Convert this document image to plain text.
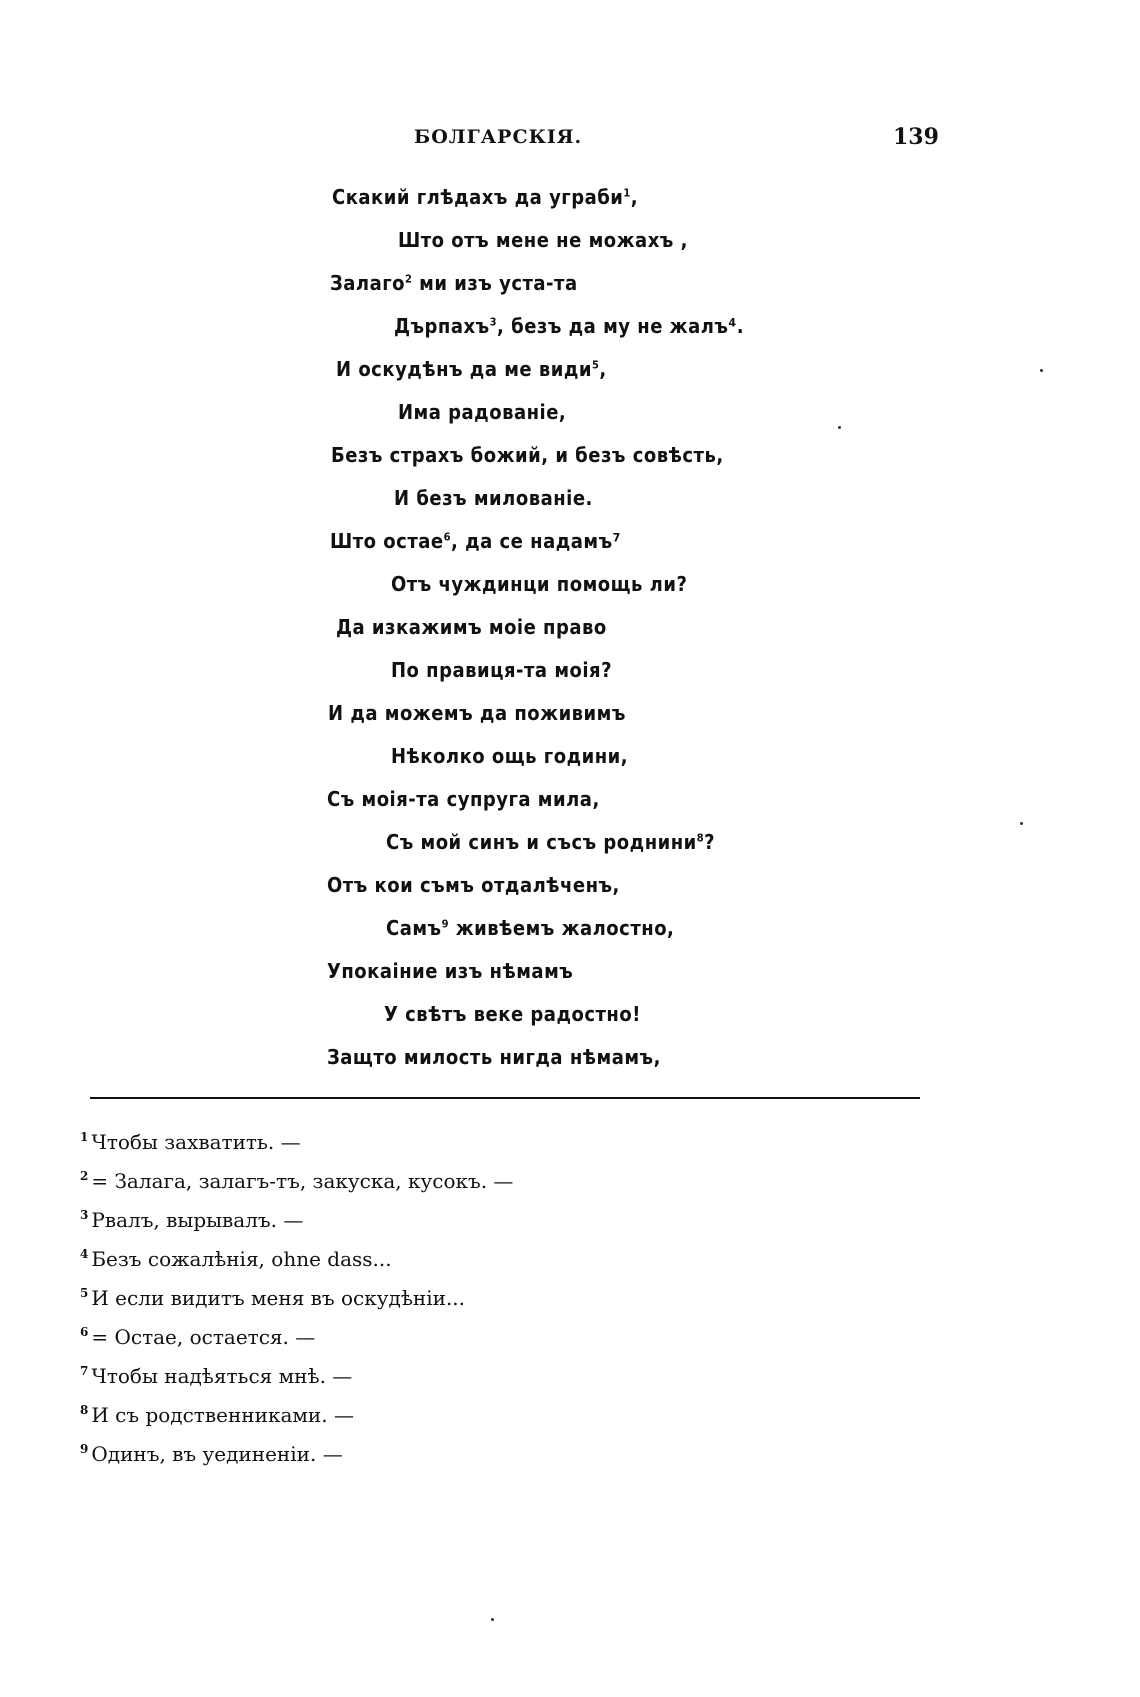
БОЛГАРСКІЯ.	139
Скакий глѣдахъ да уграби$^1$,
Што отъ мене не можахъ ,
Залаго$^2$ ми изъ уста-та
Дърпахъ$^3$, безъ да му не жалъ⁴.
И оскудѣнъ да ме види$^5$,
Има радованіе,
Безъ страхъ божий, и безъ совѣсть,
И безъ милованіе.
Што остае$^6$, да се надамъ⁷
Отъ чуждинци помощь ли?
Да изкажимъ моіе право
По правиця-та моія?
И да можемъ да поживимъ
Нѣколко ощь години,
Съ моія-та супруга мила,
Съ мой синъ и съсъ роднини$^8$?
Отъ кои съмъ отдалѣченъ,
Самъ$^9$ живѣемъ жалостно,
Упокаіние изъ нѣмамъ
У свѣтъ веке радостно!
Защто милость нигда нѣмамъ,
$^1$ Чтобы захватить. —
$^2$ = Залага, залагъ-тъ, закуска, кусокъ. —
$^3$ Рвалъ, вырывалъ. —
$^4$ Безъ сожалѣнія, ohne dass...
$^5$ И если видитъ меня въ оскудѣніи...
$^6$ = Остае, остается. —
$^7$ Чтобы надѣяться мнѣ. —
$^8$ И съ родственниками. —
$^9$ Одинъ, въ уединеніи. —
